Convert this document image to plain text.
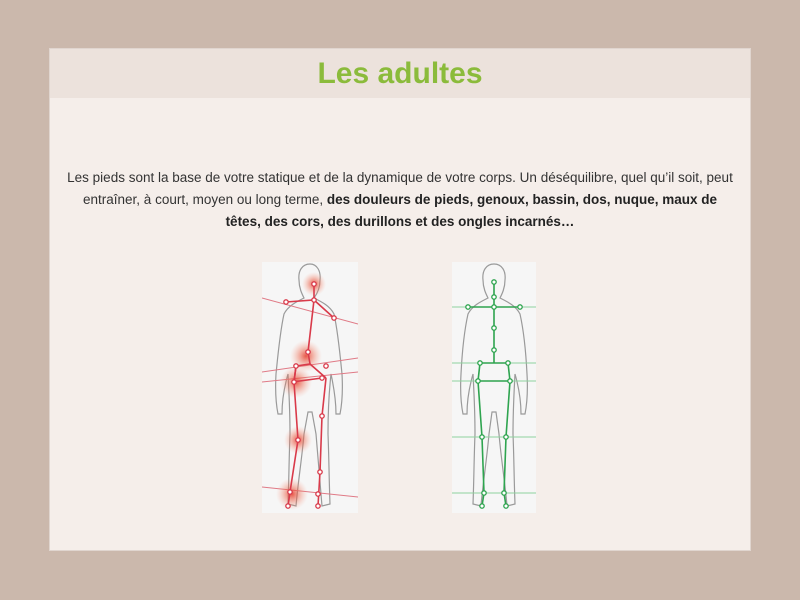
Les adultes

Les pieds sont la base de votre statique et de la dynamique de votre corps. Un déséquilibre, quel qu’il soit, peut entraîner, à court, moyen ou long terme, des douleurs de pieds, genoux, bassin, dos, nuque, maux de têtes, des cors, des durillons et des ongles incarnés…
